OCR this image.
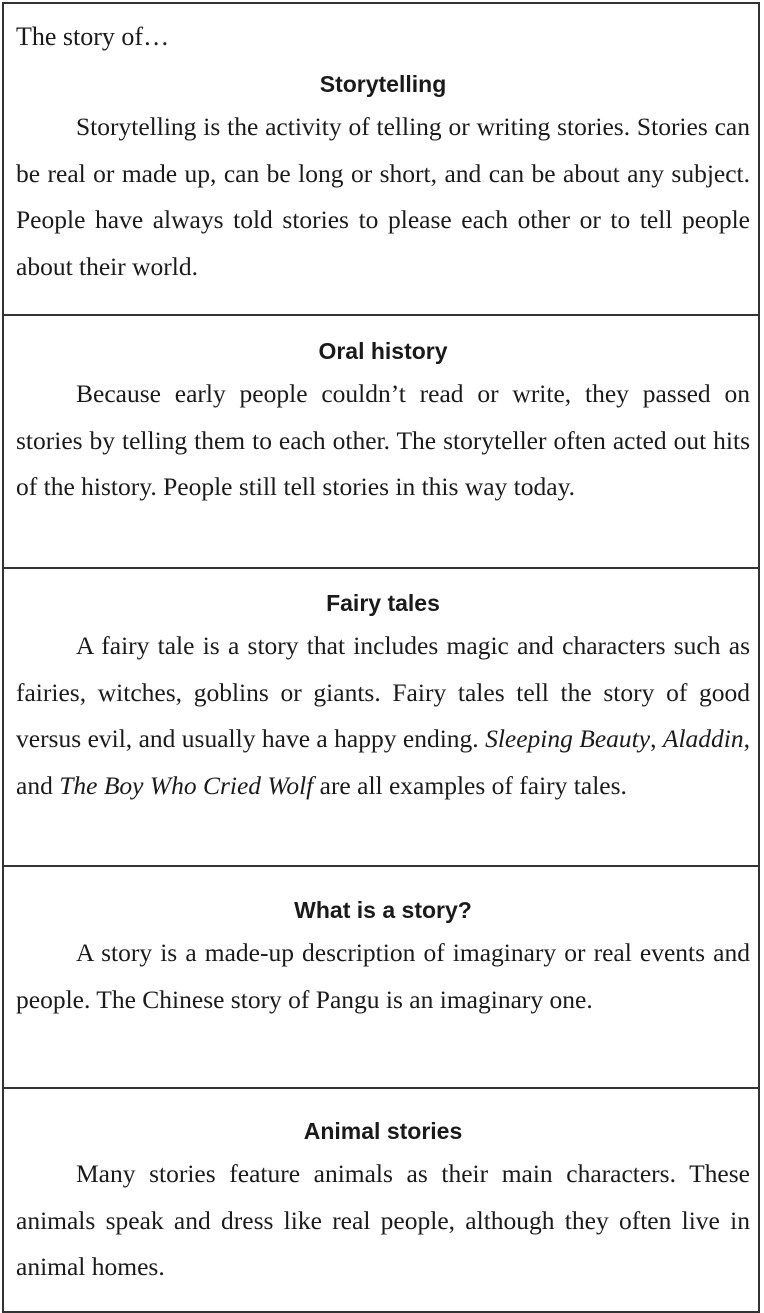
The story of…
Storytelling

Storytelling is the activity of telling or writing stories. Stories can be real or made up, can be long or short, and can be about any subject. People have always told stories to please each other or to tell people about their world.

Oral history

Because early people couldn’t read or write, they passed on stories by telling them to each other. The storyteller often acted out hits of the history. People still tell stories in this way today.

Fairy tales

A fairy tale is a story that includes magic and characters such as fairies, witches, goblins or giants. Fairy tales tell the story of good versus evil, and usually have a happy ending. Sleeping Beauty, Aladdin, and The Boy Who Cried Wolf are all examples of fairy tales.

What is a story?

A story is a made-up description of imaginary or real events and people. The Chinese story of Pangu is an imaginary one.

Animal stories

Many stories feature animals as their main characters. These animals speak and dress like real people, although they often live in animal homes.
